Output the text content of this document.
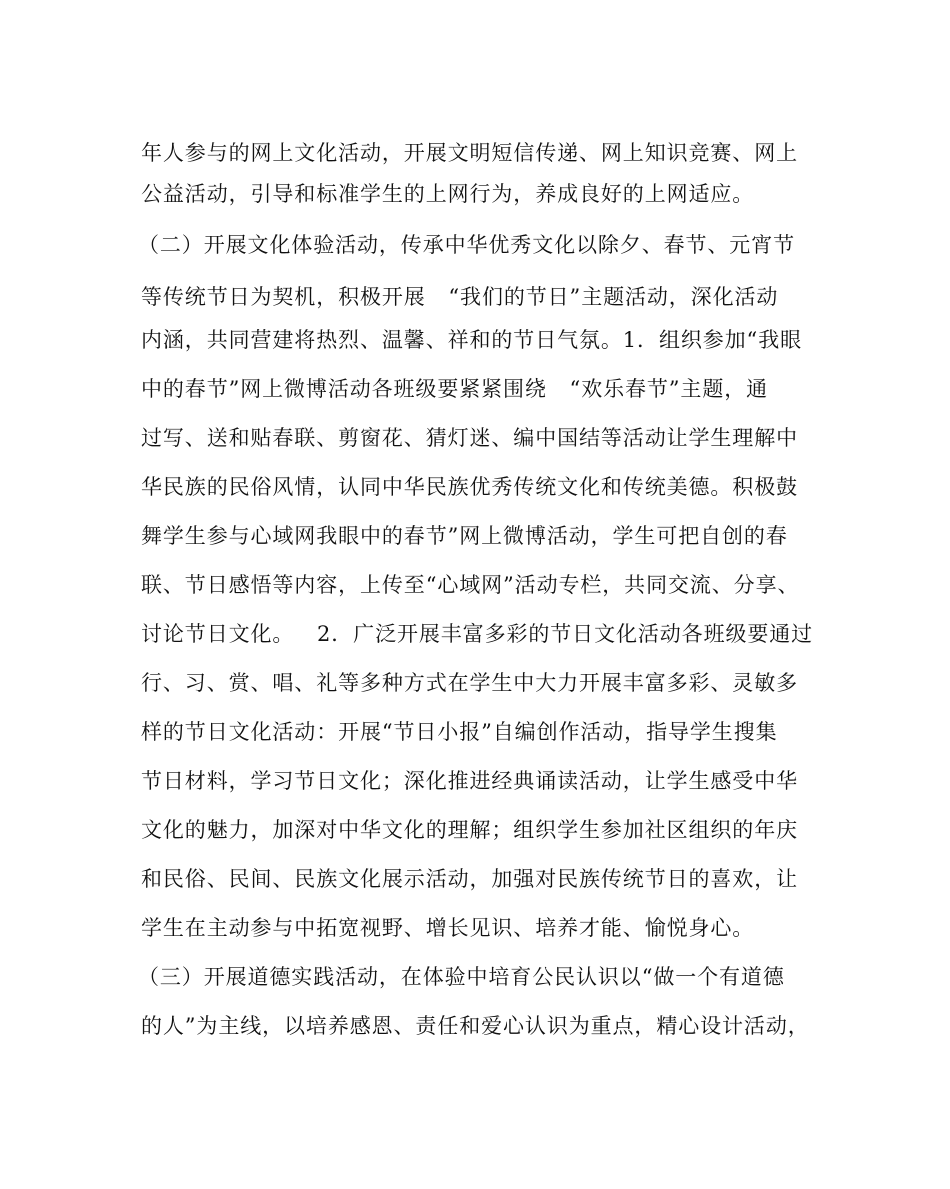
年人参与的网上文化活动，开展文明短信传递、网上知识竞赛、网上
公益活动，引导和标准学生的上网行为，养成良好的上网适应。
（二）开展文化体验活动，传承中华优秀文化以除夕、春节、元宵节
等传统节日为契机，积极开展   “我们的节日”主题活动，深化活动
内涵，共同营建将热烈、温馨、祥和的节日气氛。1．组织参加“我眼
中的春节”网上微博活动各班级要紧紧围绕   “欢乐春节”主题，通
过写、送和贴春联、剪窗花、猜灯迷、编中国结等活动让学生理解中
华民族的民俗风情，认同中华民族优秀传统文化和传统美德。积极鼓
舞学生参与心域网我眼中的春节”网上微博活动，学生可把自创的春
联、节日感悟等内容，上传至“心域网”活动专栏，共同交流、分享、
讨论节日文化。   2．广泛开展丰富多彩的节日文化活动各班级要通过
行、习、赏、唱、礼等多种方式在学生中大力开展丰富多彩、灵敏多
样的节日文化活动：开展“节日小报”自编创作活动，指导学生搜集
节日材料，学习节日文化；深化推进经典诵读活动，让学生感受中华
文化的魅力，加深对中华文化的理解；组织学生参加社区组织的年庆
和民俗、民间、民族文化展示活动，加强对民族传统节日的喜欢，让
学生在主动参与中拓宽视野、增长见识、培养才能、愉悦身心。
（三）开展道德实践活动，在体验中培育公民认识以“做一个有道德
的人”为主线，以培养感恩、责任和爱心认识为重点，精心设计活动，
